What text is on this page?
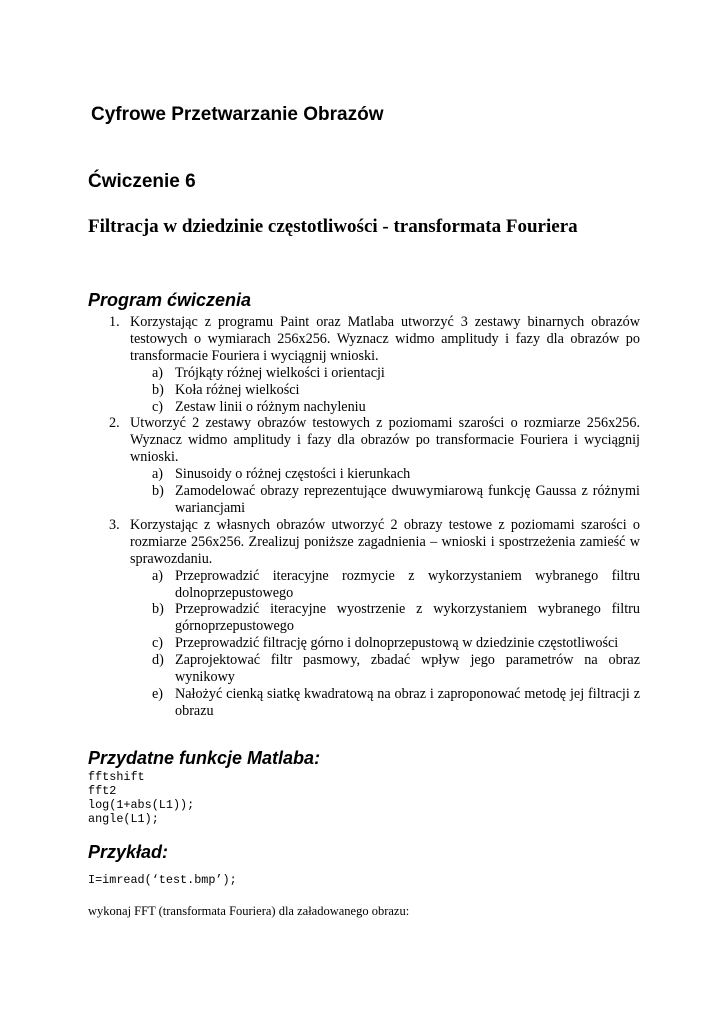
Cyfrowe Przetwarzanie Obrazów
Ćwiczenie 6
Filtracja w dziedzinie częstotliwości - transformata Fouriera
Program ćwiczenia
1. Korzystając z programu Paint oraz Matlaba utworzyć 3 zestawy binarnych obrazów testowych o wymiarach 256x256. Wyznacz widmo amplitudy i fazy dla obrazów po transformacie Fouriera i wyciągnij wnioski.
a) Trójkąty różnej wielkości i orientacji
b) Koła różnej wielkości
c) Zestaw linii o różnym nachyleniu
2. Utworzyć 2 zestawy obrazów testowych z poziomami szarości o rozmiarze 256x256. Wyznacz widmo amplitudy i fazy dla obrazów po transformacie Fouriera i wyciągnij wnioski.
a) Sinusoidy o różnej częstości i kierunkach
b) Zamodelować obrazy reprezentujące dwuwymiarową funkcję Gaussa z różnymi wariancjami
3. Korzystając z własnych obrazów utworzyć 2 obrazy testowe z poziomami szarości o rozmiarze 256x256. Zrealizuj poniższe zagadnienia – wnioski i spostrzeżenia zamieść w sprawozdaniu.
a) Przeprowadzić iteracyjne rozmycie z wykorzystaniem wybranego filtru dolnoprzepustowego
b) Przeprowadzić iteracyjne wyostrzenie z wykorzystaniem wybranego filtru górnoprzepustowego
c) Przeprowadzić filtrację górno i dolnoprzepustową w dziedzinie częstotliwości
d) Zaprojektować filtr pasmowy, zbadać wpływ jego parametrów na obraz wynikowy
e) Nałożyć cienką siatkę kwadratową na obraz i zaproponować metodę jej filtracji z obrazu
Przydatne funkcje Matlaba:
fftshift
fft2
log(1+abs(L1));
angle(L1);
Przykład:
I=imread(‘test.bmp’);
wykonaj FFT (transformata Fouriera) dla załadowanego obrazu:
